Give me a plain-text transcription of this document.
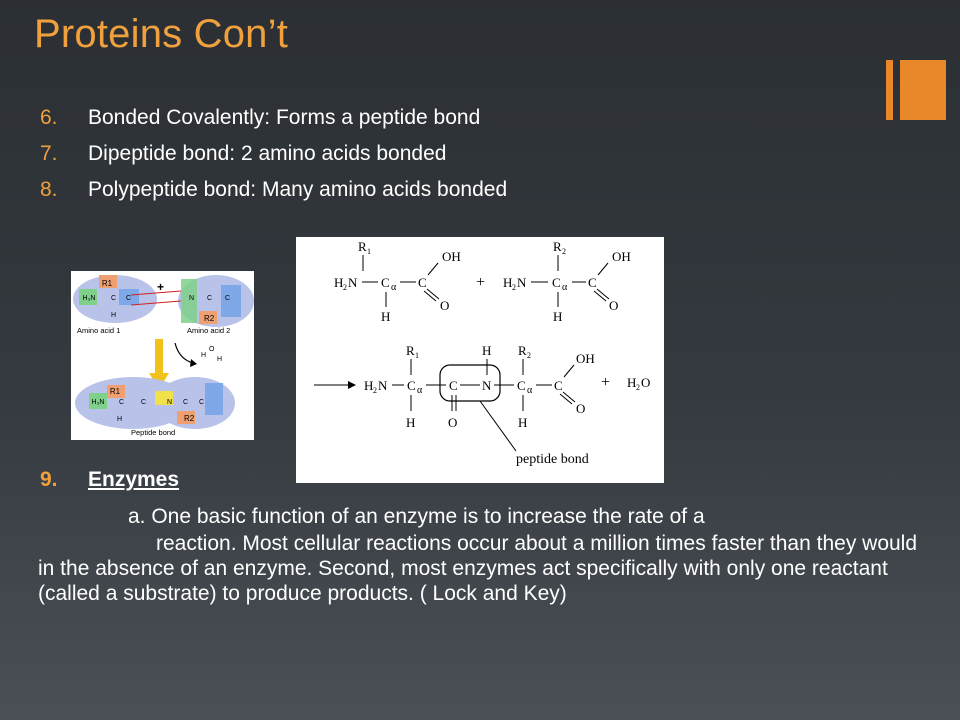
Proteins Con’t
6. Bonded Covalently: Forms a peptide bond
7. Dipeptide bond: 2 amino acids bonded
8. Polypeptide bond: Many amino acids bonded
R1
H₃N C C
H
N C C
R2
+
Amino acid 1	Amino acid 2
H
O
H
R1
H₃N C C	N C C
R2
H
Peptide bond
R 1
H 2 N C α C
OH
O
H
+
R 2
H 2 N C α C
OH
O
H
R 1	H R 2
H 2 N C α C N C α C
OH
O
O
H	H
+ H 2 O
peptide bond
9. Enzymes
a. One basic function of an enzyme is to increase the rate of a
reaction. Most cellular reactions occur about a million times faster than they would in the absence of an enzyme. Second, most enzymes act specifically with only one reactant (called a substrate) to produce products. ( Lock and Key)
